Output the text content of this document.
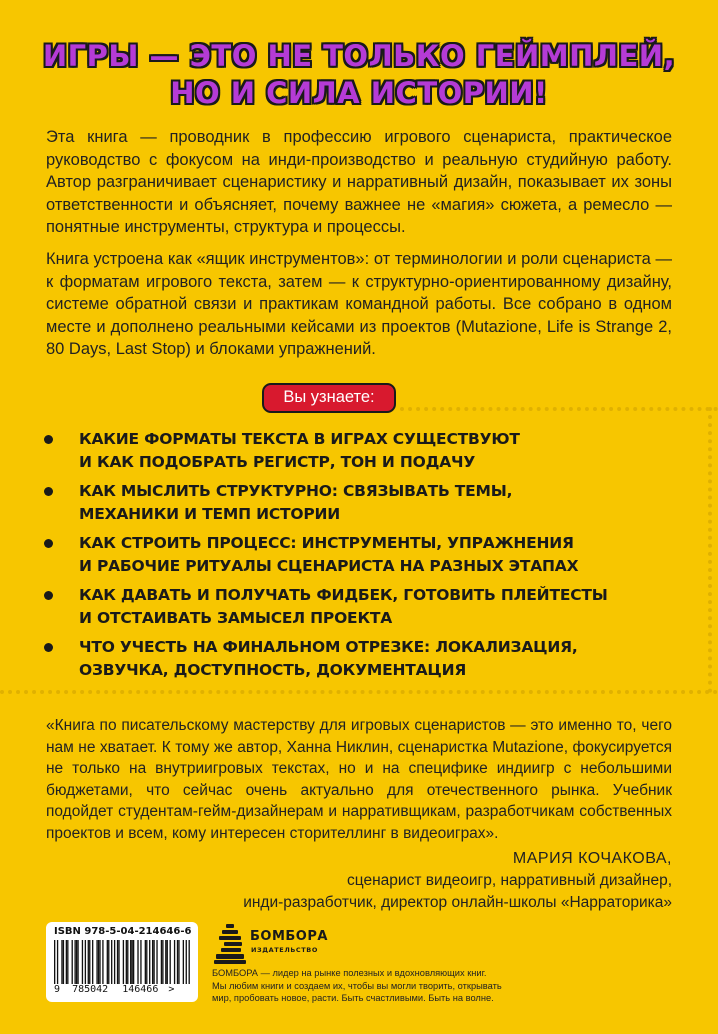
ИГРЫ — ЭТО НЕ ТОЛЬКО ГЕЙМПЛЕЙ,
НО И СИЛА ИСТОРИИ!

Эта книга — проводник в профессию игрового сценариста, практическое руководство с фокусом на инди-производство и реальную студийную работу. Автор разграничивает сценаристику и нарративный дизайн, показывает их зоны ответственности и объясняет, почему важнее не «магия» сюжета, а ремесло — понятные инструменты, структура и процессы.

Книга устроена как «ящик инструментов»: от терминологии и роли сценариста — к форматам игрового текста, затем — к структурно-ориентированному дизайну, системе обратной связи и практикам командной работы. Все собрано в одном месте и дополнено реальными кейсами из проектов (Mutazione, Life is Strange 2, 80 Days, Last Stop) и блоками упражнений.

Вы узнаете:
КАКИЕ ФОРМАТЫ ТЕКСТА В ИГРАХ СУЩЕСТВУЮТ
И КАК ПОДОБРАТЬ РЕГИСТР, ТОН И ПОДАЧУ
КАК МЫСЛИТЬ СТРУКТУРНО: СВЯЗЫВАТЬ ТЕМЫ,
МЕХАНИКИ И ТЕМП ИСТОРИИ
КАК СТРОИТЬ ПРОЦЕСС: ИНСТРУМЕНТЫ, УПРАЖНЕНИЯ
И РАБОЧИЕ РИТУАЛЫ СЦЕНАРИСТА НА РАЗНЫХ ЭТАПАХ
КАК ДАВАТЬ И ПОЛУЧАТЬ ФИДБЕК, ГОТОВИТЬ ПЛЕЙТЕСТЫ
И ОТСТАИВАТЬ ЗАМЫСЕЛ ПРОЕКТА
ЧТО УЧЕСТЬ НА ФИНАЛЬНОМ ОТРЕЗКЕ: ЛОКАЛИЗАЦИЯ,
ОЗВУЧКА, ДОСТУПНОСТЬ, ДОКУМЕНТАЦИЯ
«Книга по писательскому мастерству для игровых сценаристов — это именно то, чего нам не хватает. К тому же автор, Ханна Никлин, сценаристка Mutazione, фокусируется не только на внутриигровых текстах, но и на специфике индиигр с небольшими бюджетами, что сейчас очень актуально для отечественного рынка. Учебник подойдет студентам-гейм-дизайнерам и нарративщикам, разработчикам собственных проектов и всем, кому интересен сторителлинг в видеоиграх».
МАРИЯ КОЧАКОВА,
сценарист видеоигр, нарративный дизайнер,
инди-разработчик, директор онлайн-школы «Нарраторика»
ISBN 978-5-04-214646-6
9 785042 146466 >
БОМБОРА
ИЗДАТЕЛЬСТВО
БОМБОРА — лидер на рынке полезных и вдохновляющих книг.
Мы любим книги и создаем их, чтобы вы могли творить, открывать
мир, пробовать новое, расти. Быть счастливыми. Быть на волне.
